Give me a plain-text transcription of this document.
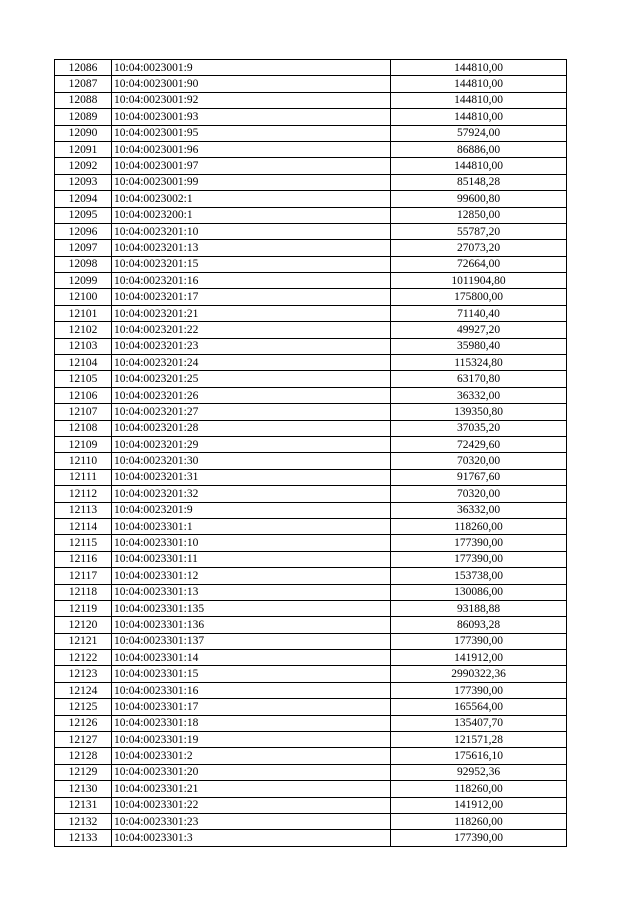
12086	10:04:0023001:9	144810,00
12087	10:04:0023001:90	144810,00
12088	10:04:0023001:92	144810,00
12089	10:04:0023001:93	144810,00
12090	10:04:0023001:95	57924,00
12091	10:04:0023001:96	86886,00
12092	10:04:0023001:97	144810,00
12093	10:04:0023001:99	85148,28
12094	10:04:0023002:1	99600,80
12095	10:04:0023200:1	12850,00
12096	10:04:0023201:10	55787,20
12097	10:04:0023201:13	27073,20
12098	10:04:0023201:15	72664,00
12099	10:04:0023201:16	1011904,80
12100	10:04:0023201:17	175800,00
12101	10:04:0023201:21	71140,40
12102	10:04:0023201:22	49927,20
12103	10:04:0023201:23	35980,40
12104	10:04:0023201:24	115324,80
12105	10:04:0023201:25	63170,80
12106	10:04:0023201:26	36332,00
12107	10:04:0023201:27	139350,80
12108	10:04:0023201:28	37035,20
12109	10:04:0023201:29	72429,60
12110	10:04:0023201:30	70320,00
12111	10:04:0023201:31	91767,60
12112	10:04:0023201:32	70320,00
12113	10:04:0023201:9	36332,00
12114	10:04:0023301:1	118260,00
12115	10:04:0023301:10	177390,00
12116	10:04:0023301:11	177390,00
12117	10:04:0023301:12	153738,00
12118	10:04:0023301:13	130086,00
12119	10:04:0023301:135	93188,88
12120	10:04:0023301:136	86093,28
12121	10:04:0023301:137	177390,00
12122	10:04:0023301:14	141912,00
12123	10:04:0023301:15	2990322,36
12124	10:04:0023301:16	177390,00
12125	10:04:0023301:17	165564,00
12126	10:04:0023301:18	135407,70
12127	10:04:0023301:19	121571,28
12128	10:04:0023301:2	175616,10
12129	10:04:0023301:20	92952,36
12130	10:04:0023301:21	118260,00
12131	10:04:0023301:22	141912,00
12132	10:04:0023301:23	118260,00
12133	10:04:0023301:3	177390,00
